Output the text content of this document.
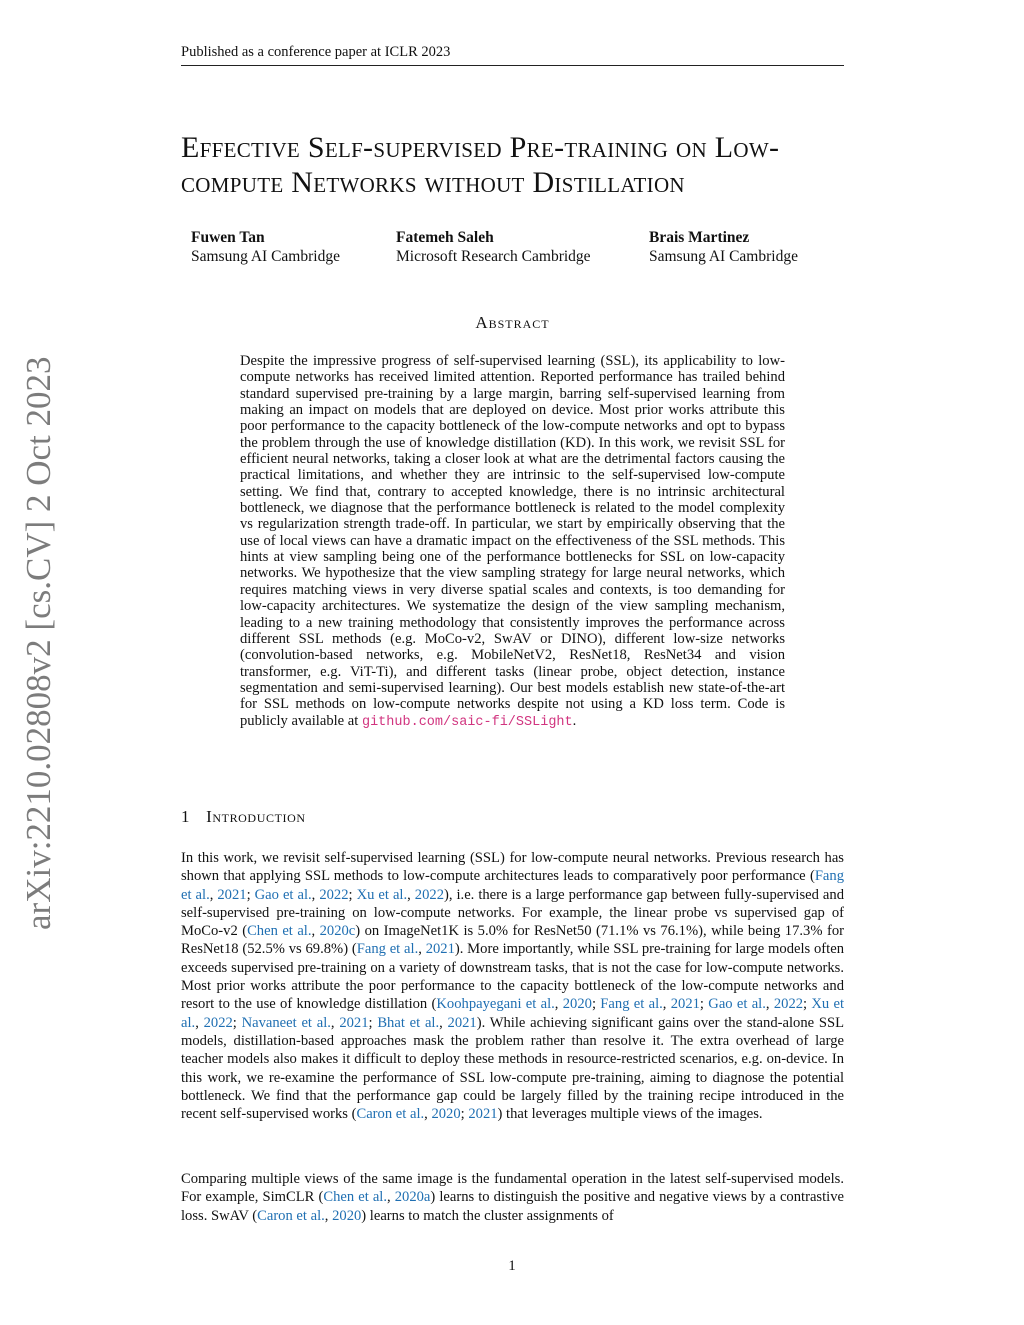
Published as a conference paper at ICLR 2023
arXiv:2210.02808v2 [cs.CV] 2 Oct 2023
Effective Self-supervised Pre-training on Low-
compute Networks without Distillation
Fuwen Tan
Samsung AI Cambridge
Fatemeh Saleh
Microsoft Research Cambridge
Brais Martinez
Samsung AI Cambridge
Abstract
Despite the impressive progress of self-supervised learning (SSL), its applicability to low-compute networks has received limited attention. Reported performance has trailed behind standard supervised pre-training by a large margin, barring self-supervised learning from making an impact on models that are deployed on device. Most prior works attribute this poor performance to the capacity bottleneck of the low-compute networks and opt to bypass the problem through the use of knowledge distillation (KD). In this work, we revisit SSL for efficient neural networks, taking a closer look at what are the detrimental factors causing the practical limitations, and whether they are intrinsic to the self-supervised low-compute setting. We find that, contrary to accepted knowledge, there is no intrinsic architectural bottleneck, we diagnose that the performance bottleneck is related to the model complexity vs regularization strength trade-off. In particular, we start by empirically observing that the use of local views can have a dramatic impact on the effectiveness of the SSL methods. This hints at view sampling being one of the performance bottlenecks for SSL on low-capacity networks. We hypothesize that the view sampling strategy for large neural networks, which requires matching views in very diverse spatial scales and contexts, is too demanding for low-capacity architectures. We systematize the design of the view sampling mechanism, leading to a new training methodology that consistently improves the performance across different SSL methods (e.g. MoCo-v2, SwAV or DINO), different low-size networks (convolution-based networks, e.g. MobileNetV2, ResNet18, ResNet34 and vision transformer, e.g. ViT-Ti), and different tasks (linear probe, object detection, instance segmentation and semi-supervised learning). Our best models establish new state-of-the-art for SSL methods on low-compute networks despite not using a KD loss term. Code is publicly available at github.com/saic-fi/SSLight.
1 Introduction
In this work, we revisit self-supervised learning (SSL) for low-compute neural networks. Previous research has shown that applying SSL methods to low-compute architectures leads to comparatively poor performance (Fang et al., 2021; Gao et al., 2022; Xu et al., 2022), i.e. there is a large performance gap between fully-supervised and self-supervised pre-training on low-compute networks. For example, the linear probe vs supervised gap of MoCo-v2 (Chen et al., 2020c) on ImageNet1K is 5.0% for ResNet50 (71.1% vs 76.1%), while being 17.3% for ResNet18 (52.5% vs 69.8%) (Fang et al., 2021). More importantly, while SSL pre-training for large models often exceeds supervised pre-training on a variety of downstream tasks, that is not the case for low-compute networks. Most prior works attribute the poor performance to the capacity bottleneck of the low-compute networks and resort to the use of knowledge distillation (Koohpayegani et al., 2020; Fang et al., 2021; Gao et al., 2022; Xu et al., 2022; Navaneet et al., 2021; Bhat et al., 2021). While achieving significant gains over the stand-alone SSL models, distillation-based approaches mask the problem rather than resolve it. The extra overhead of large teacher models also makes it difficult to deploy these methods in resource-restricted scenarios, e.g. on-device. In this work, we re-examine the performance of SSL low-compute pre-training, aiming to diagnose the potential bottleneck. We find that the performance gap could be largely filled by the training recipe introduced in the recent self-supervised works (Caron et al., 2020; 2021) that leverages multiple views of the images.
Comparing multiple views of the same image is the fundamental operation in the latest self-supervised models. For example, SimCLR (Chen et al., 2020a) learns to distinguish the positive and negative views by a contrastive loss. SwAV (Caron et al., 2020) learns to match the cluster assignments of
1
